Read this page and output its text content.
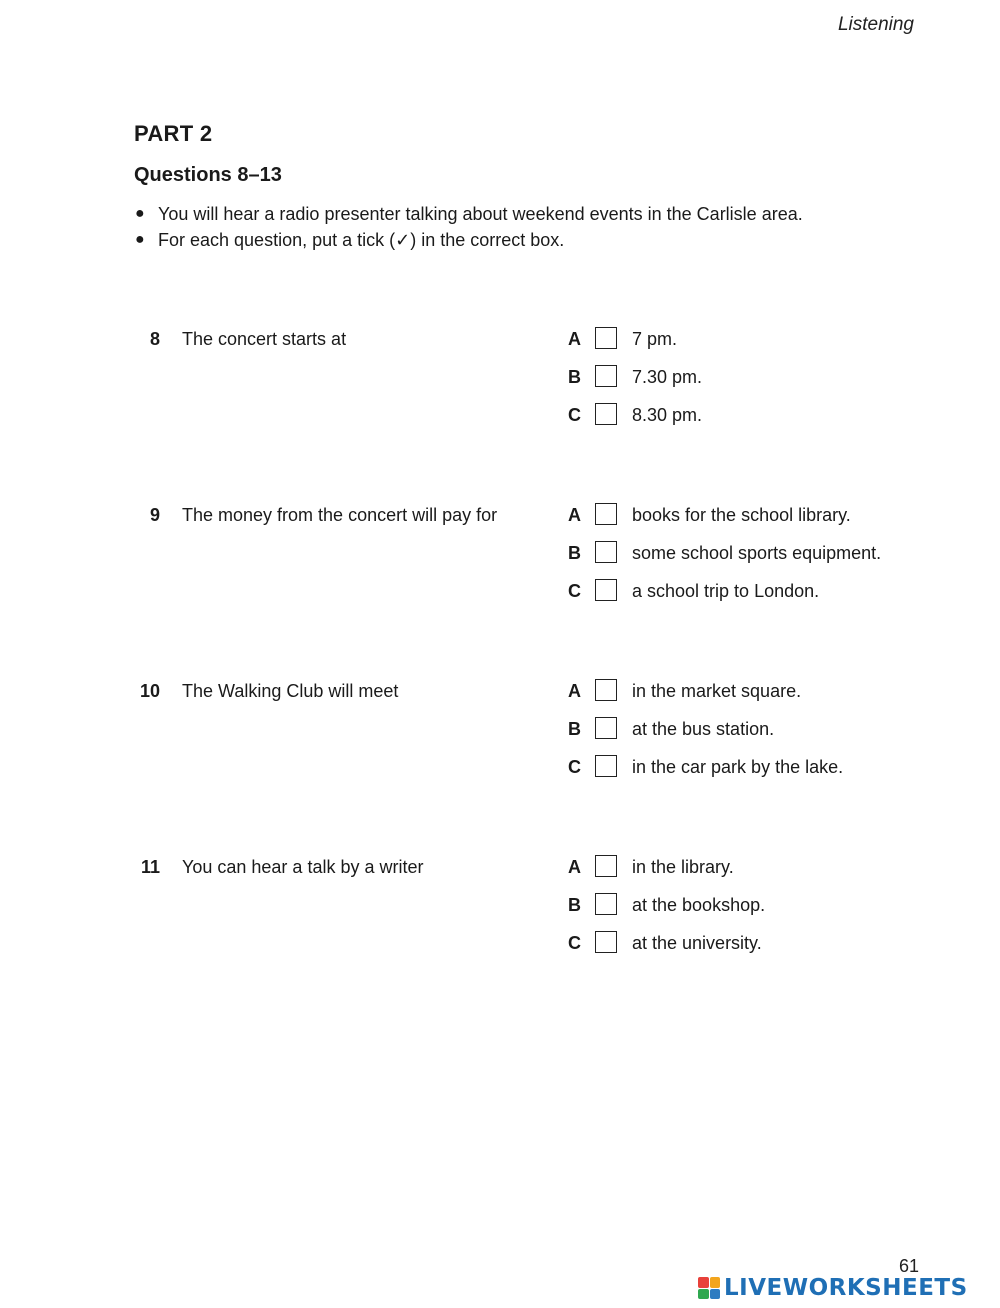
Listening
PART 2
Questions 8–13
● You will hear a radio presenter talking about weekend events in the Carlisle area.
● For each question, put a tick (✓) in the correct box.
8 The concert starts at	A	7 pm.
B	7.30 pm.
C	8.30 pm.
9 The money from the concert will pay for	A	books for the school library.
B	some school sports equipment.
C	a school trip to London.
10 The Walking Club will meet	A	in the market square.
B	at the bus station.
C	in the car park by the lake.
11 You can hear a talk by a writer	A	in the library.
B	at the bookshop.
C	at the university.
61
LIVEWORKSHEETS
